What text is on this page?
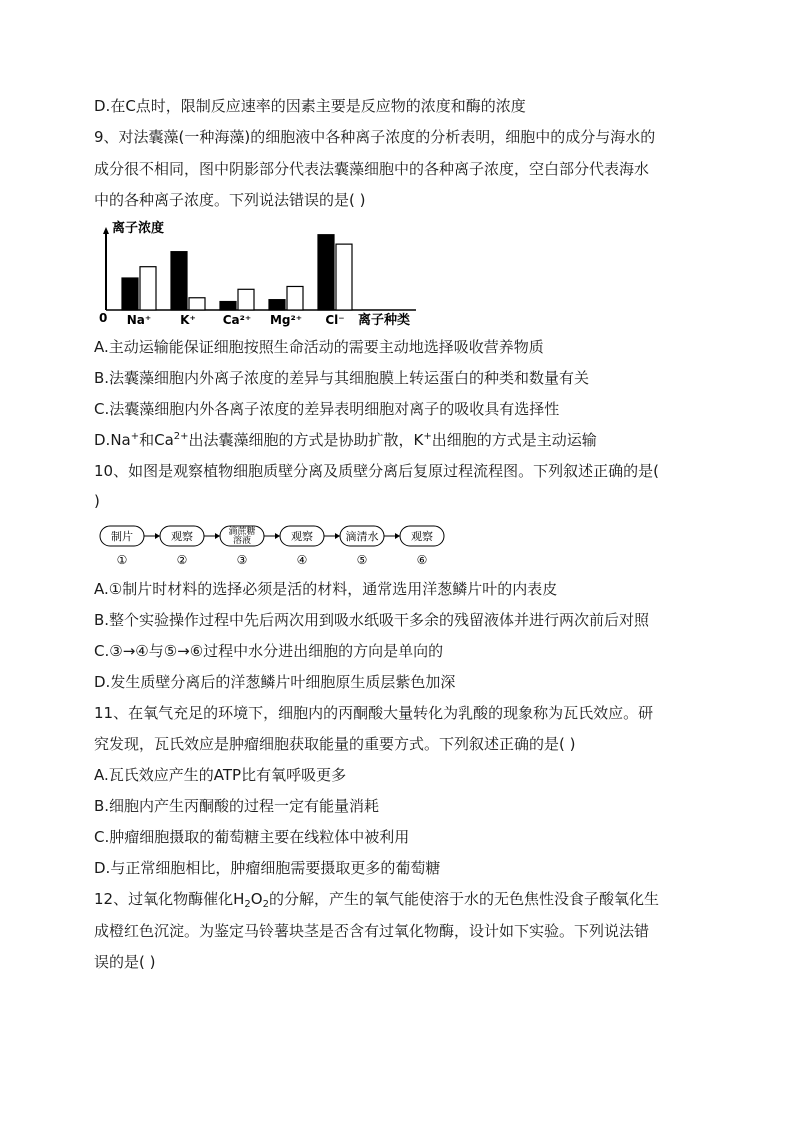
D.在C点时，限制反应速率的因素主要是反应物的浓度和酶的浓度
9、对法囊藻(一种海藻)的细胞液中各种离子浓度的分析表明，细胞中的成分与海水的
成分很不相同，图中阴影部分代表法囊藻细胞中的各种离子浓度，空白部分代表海水
中的各种离子浓度。下列说法错误的是( )
离子浓度
0	离子种类
Na⁺ K⁺ Ca²⁺ Mg²⁺ Cl⁻
A.主动运输能保证细胞按照生命活动的需要主动地选择吸收营养物质
B.法囊藻细胞内外离子浓度的差异与其细胞膜上转运蛋白的种类和数量有关
C.法囊藻细胞内外各离子浓度的差异表明细胞对离子的吸收具有选择性
D.Na+和$Ca^{2+}$出法囊藻细胞的方式是协助扩散，K+出细胞的方式是主动运输
10、如图是观察植物细胞质壁分离及质壁分离后复原过程流程图。下列叙述正确的是(
)
制片
①
观察
②
滴蔗糖
溶液
③
观察
④
滴清水
⑤
观察
⑥
A.①制片时材料的选择必须是活的材料，通常选用洋葱鳞片叶的内表皮
B.整个实验操作过程中先后两次用到吸水纸吸干多余的残留液体并进行两次前后对照
C.③→④与⑤→⑥过程中水分进出细胞的方向是单向的
D.发生质壁分离后的洋葱鳞片叶细胞原生质层紫色加深
11、在氧气充足的环境下，细胞内的丙酮酸大量转化为乳酸的现象称为瓦氏效应。研
究发现，瓦氏效应是肿瘤细胞获取能量的重要方式。下列叙述正确的是( )
A.瓦氏效应产生的ATP比有氧呼吸更多
B.细胞内产生丙酮酸的过程一定有能量消耗
C.肿瘤细胞摄取的葡萄糖主要在线粒体中被利用
D.与正常细胞相比，肿瘤细胞需要摄取更多的葡萄糖
12、过氧化物酶催化$H_2O_2$的分解，产生的氧气能使溶于水的无色焦性没食子酸氧化生
成橙红色沉淀。为鉴定马铃薯块茎是否含有过氧化物酶，设计如下实验。下列说法错
误的是( )
